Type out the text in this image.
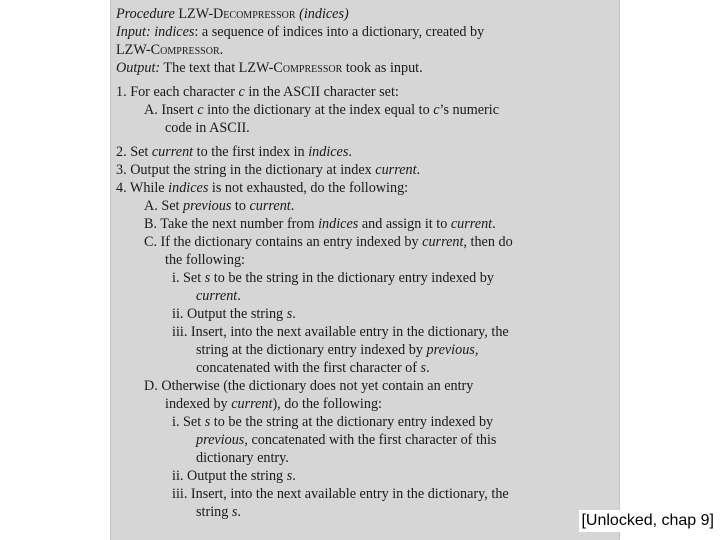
Procedure LZW-Decompressor (indices)
Input: indices: a sequence of indices into a dictionary, created by
LZW-Compressor.
Output: The text that LZW-Compressor took as input.
1. For each character c in the ASCII character set:
A. Insert c into the dictionary at the index equal to c’s numeric
code in ASCII.
2. Set current to the first index in indices.
3. Output the string in the dictionary at index current.
4. While indices is not exhausted, do the following:
A. Set previous to current.
B. Take the next number from indices and assign it to current.
C. If the dictionary contains an entry indexed by current, then do
the following:
i. Set s to be the string in the dictionary entry indexed by
current.
ii. Output the string s.
iii. Insert, into the next available entry in the dictionary, the
string at the dictionary entry indexed by previous,
concatenated with the first character of s.
D. Otherwise (the dictionary does not yet contain an entry
indexed by current), do the following:
i. Set s to be the string at the dictionary entry indexed by
previous, concatenated with the first character of this
dictionary entry.
ii. Output the string s.
iii. Insert, into the next available entry in the dictionary, the
string s.	[Unlocked, chap 9]
